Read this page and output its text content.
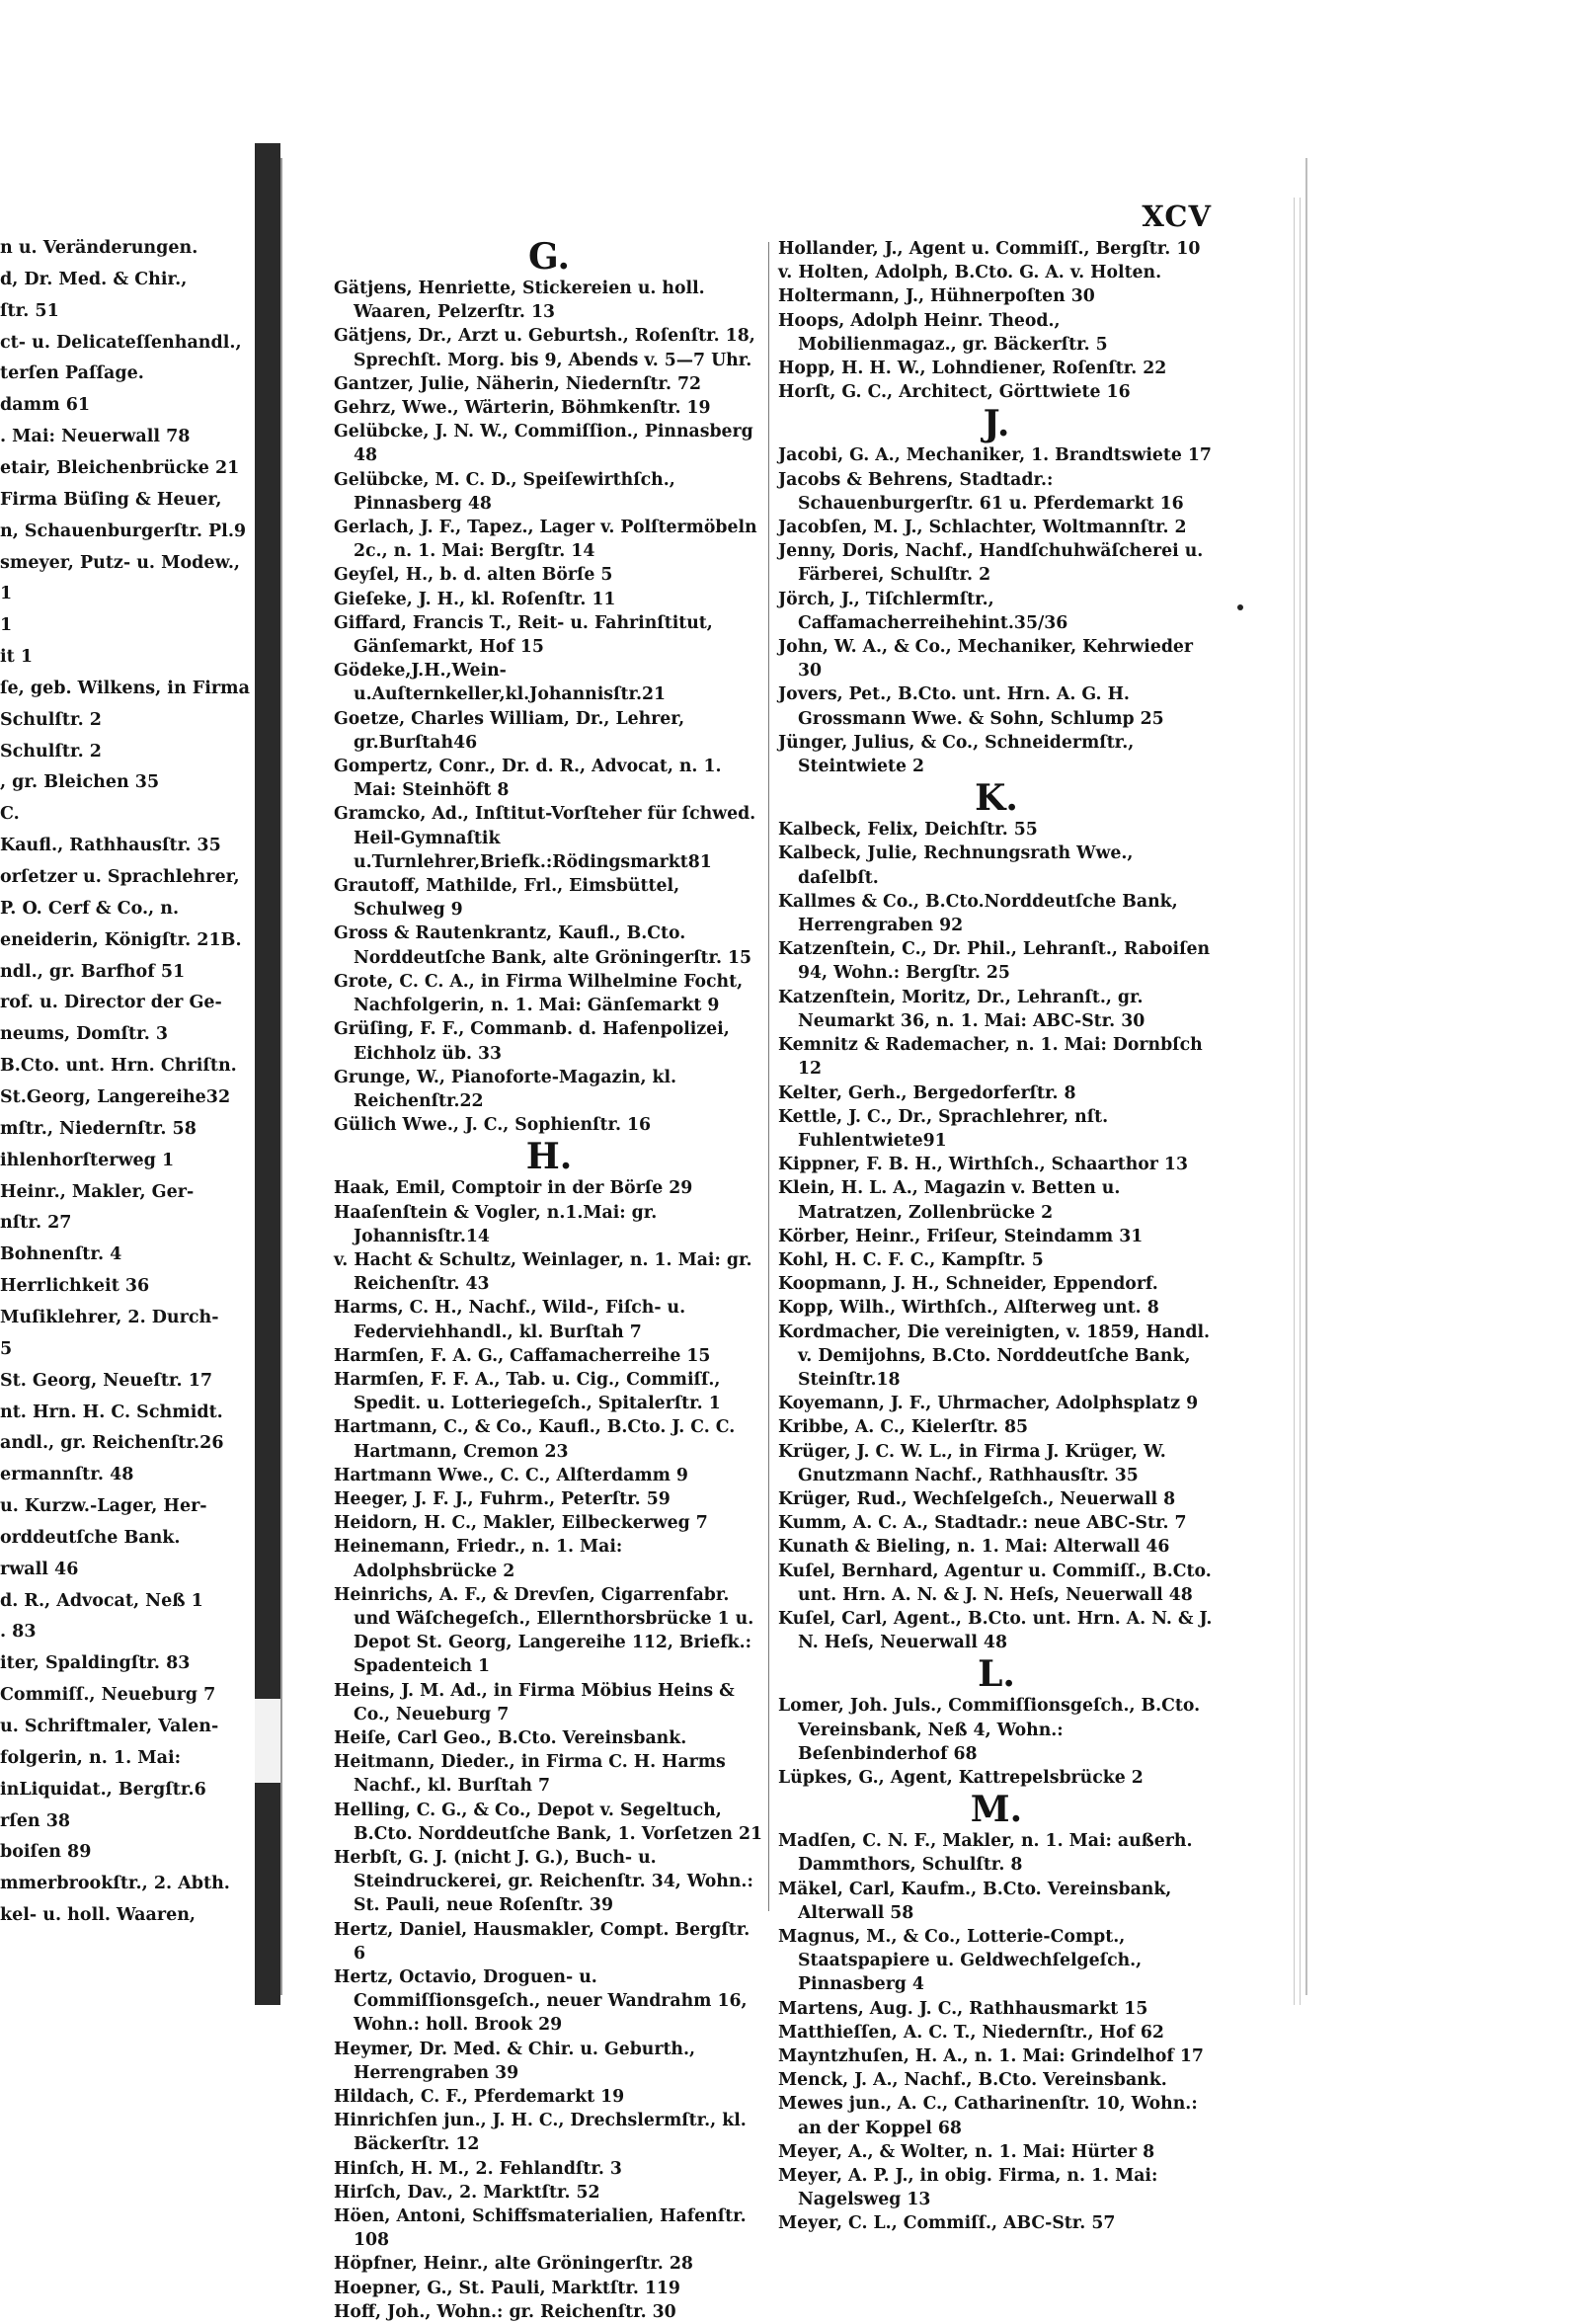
n u. Veränderungen.
d, Dr. Med. & Chir.,
ſtr. 51
ct- u. Delicateſſenhandl.,
terſen Paſſage.
damm 61
. Mai: Neuerwall 78
etair, Bleichenbrücke 21
Firma Büſing & Heuer,
n, Schauenburgerſtr. Pl.9
smeyer, Putz- u. Modew.,
1
1
it 1
ſe, geb. Wilkens, in Firma
Schulſtr. 2
Schulſtr. 2
, gr. Bleichen 35
C.
Kaufl., Rathhausſtr. 35
orſetzer u. Sprachlehrer,
P. O. Cerf & Co., n.
eneiderin, Königſtr. 21B.
ndl., gr. Barfhof 51
rof. u. Director der Ge-
neums, Domſtr. 3
B.Cto. unt. Hrn. Chriſtn.
St.Georg, Langereihe32
mſtr., Niedernſtr. 58
ihlenhorſterweg 1
Heinr., Makler, Ger-
nſtr. 27
Bohnenſtr. 4
Herrlichkeit 36
Muſiklehrer, 2. Durch-
5
St. Georg, Neueſtr. 17
nt. Hrn. H. C. Schmidt.
andl., gr. Reichenſtr.26
ermannſtr. 48
u. Kurzw.-Lager, Her-
orddeutſche Bank.
rwall 46
d. R., Advocat, Neß 1
. 83
iter, Spaldingſtr. 83
Commiſſ., Neueburg 7
u. Schriftmaler, Valen-
folgerin, n. 1. Mai:
inLiquidat., Bergſtr.6
rſen 38
boiſen 89
mmerbrookſtr., 2. Abth.
kel- u. holl. Waaren,
XCV
G.
Gätjens, Henriette, Stickereien u. holl. Waaren, Pelzerſtr. 13
Gätjens, Dr., Arzt u. Geburtsh., Roſenſtr. 18, Sprechſt. Morg. bis 9, Abends v. 5—7 Uhr.
Gantzer, Julie, Näherin, Niedernſtr. 72
Gehrz, Wwe., Wärterin, Böhmkenſtr. 19
Gelübcke, J. N. W., Commiſſion., Pinnasberg 48
Gelübcke, M. C. D., Speiſewirthſch., Pinnasberg 48
Gerlach, J. F., Tapez., Lager v. Polſtermöbeln 2c., n. 1. Mai: Bergſtr. 14
Geyſel, H., b. d. alten Börſe 5
Gieſeke, J. H., kl. Roſenſtr. 11
Giffard, Francis T., Reit- u. Fahrinſtitut, Gänſemarkt, Hof 15
Gödeke,J.H.,Wein-u.Auſternkeller,kl.Johannisſtr.21
Goetze, Charles William, Dr., Lehrer, gr.Burſtah46
Gompertz, Conr., Dr. d. R., Advocat, n. 1. Mai: Steinhöft 8
Gramcko, Ad., Inſtitut-Vorſteher für ſchwed. Heil-Gymnaſtik u.Turnlehrer,Briefk.:Rödingsmarkt81
Grautoff, Mathilde, Frl., Eimsbüttel, Schulweg 9
Gross & Rautenkrantz, Kaufl., B.Cto. Norddeutſche Bank, alte Gröningerſtr. 15
Grote, C. C. A., in Firma Wilhelmine Focht, Nachfolgerin, n. 1. Mai: Gänſemarkt 9
Grüſing, F. F., Commanb. d. Hafenpolizei, Eichholz üb. 33
Grunge, W., Pianoforte-Magazin, kl. Reichenſtr.22
Gülich Wwe., J. C., Sophienſtr. 16
H.
Haak, Emil, Comptoir in der Börſe 29
Haaſenſtein & Vogler, n.1.Mai: gr. Johannisſtr.14
v. Hacht & Schultz, Weinlager, n. 1. Mai: gr. Reichenſtr. 43
Harms, C. H., Nachf., Wild-, Fiſch- u. Federviehhandl., kl. Burſtah 7
Harmſen, F. A. G., Caffamacherreihe 15
Harmſen, F. F. A., Tab. u. Cig., Commiſſ., Spedit. u. Lotteriegeſch., Spitalerſtr. 1
Hartmann, C., & Co., Kaufl., B.Cto. J. C. C. Hartmann, Cremon 23
Hartmann Wwe., C. C., Alſterdamm 9
Heeger, J. F. J., Fuhrm., Peterſtr. 59
Heidorn, H. C., Makler, Eilbeckerweg 7
Heinemann, Friedr., n. 1. Mai: Adolphsbrücke 2
Heinrichs, A. F., & Drevſen, Cigarrenfabr. und Wäſchegeſch., Ellernthorsbrücke 1 u. Depot St. Georg, Langereihe 112, Briefk.: Spadenteich 1
Heins, J. M. Ad., in Firma Möbius Heins & Co., Neueburg 7
Heiſe, Carl Geo., B.Cto. Vereinsbank.
Heitmann, Dieder., in Firma C. H. Harms Nachf., kl. Burſtah 7
Helling, C. G., & Co., Depot v. Segeltuch, B.Cto. Norddeutſche Bank, 1. Vorſetzen 21
Herbſt, G. J. (nicht J. G.), Buch- u. Steindruckerei, gr. Reichenſtr. 34, Wohn.: St. Pauli, neue Roſenſtr. 39
Hertz, Daniel, Hausmakler, Compt. Bergſtr. 6
Hertz, Octavio, Droguen- u. Commiſſionsgeſch., neuer Wandrahm 16, Wohn.: holl. Brook 29
Heymer, Dr. Med. & Chir. u. Geburth., Herrengraben 39
Hildach, C. F., Pferdemarkt 19
Hinrichſen jun., J. H. C., Drechslermſtr., kl. Bäckerſtr. 12
Hinſch, H. M., 2. Fehlandſtr. 3
Hirſch, Dav., 2. Marktſtr. 52
Höen, Antoni, Schiffsmaterialien, Hafenſtr. 108
Höpfner, Heinr., alte Gröningerſtr. 28
Hoepner, G., St. Pauli, Marktſtr. 119
Hoff, Joh., Wohn.: gr. Reichenſtr. 30
Hollander, J., Agent u. Commiſſ., Bergſtr. 10
v. Holten, Adolph, B.Cto. G. A. v. Holten.
Holtermann, J., Hühnerpoſten 30
Hoops, Adolph Heinr. Theod., Mobilienmagaz., gr. Bäckerſtr. 5
Hopp, H. H. W., Lohndiener, Roſenſtr. 22
Horſt, G. C., Architect, Görttwiete 16
J.
Jacobi, G. A., Mechaniker, 1. Brandtswiete 17
Jacobs & Behrens, Stadtadr.: Schauenburgerſtr. 61 u. Pferdemarkt 16
Jacobſen, M. J., Schlachter, Woltmannſtr. 2
Jenny, Doris, Nachf., Handſchuhwäſcherei u. Färberei, Schulſtr. 2
Jörch, J., Tiſchlermſtr., Caffamacherreihehint.35/36
John, W. A., & Co., Mechaniker, Kehrwieder 30
Jovers, Pet., B.Cto. unt. Hrn. A. G. H. Grossmann Wwe. & Sohn, Schlump 25
Jünger, Julius, & Co., Schneidermſtr., Steintwiete 2
K.
Kalbeck, Felix, Deichſtr. 55
Kalbeck, Julie, Rechnungsrath Wwe., daſelbſt.
Kallmes & Co., B.Cto.Norddeutſche Bank, Herrengraben 92
Katzenſtein, C., Dr. Phil., Lehranſt., Raboiſen 94, Wohn.: Bergſtr. 25
Katzenſtein, Moritz, Dr., Lehranſt., gr. Neumarkt 36, n. 1. Mai: ABC-Str. 30
Kemnitz & Rademacher, n. 1. Mai: Dornbſch 12
Kelter, Gerh., Bergedorferſtr. 8
Kettle, J. C., Dr., Sprachlehrer, nſt. Fuhlentwiete91
Kippner, F. B. H., Wirthſch., Schaarthor 13
Klein, H. L. A., Magazin v. Betten u. Matratzen, Zollenbrücke 2
Körber, Heinr., Friſeur, Steindamm 31
Kohl, H. C. F. C., Kampſtr. 5
Koopmann, J. H., Schneider, Eppendorf.
Kopp, Wilh., Wirthſch., Alſterweg unt. 8
Kordmacher, Die vereinigten, v. 1859, Handl. v. Demijohns, B.Cto. Norddeutſche Bank, Steinſtr.18
Koyemann, J. F., Uhrmacher, Adolphsplatz 9
Kribbe, A. C., Kielerſtr. 85
Krüger, J. C. W. L., in Firma J. Krüger, W. Gnutzmann Nachf., Rathhausſtr. 35
Krüger, Rud., Wechſelgeſch., Neuerwall 8
Kumm, A. C. A., Stadtadr.: neue ABC-Str. 7
Kunath & Bieling, n. 1. Mai: Alterwall 46
Kuſel, Bernhard, Agentur u. Commiſſ., B.Cto. unt. Hrn. A. N. & J. N. Heſs, Neuerwall 48
Kuſel, Carl, Agent., B.Cto. unt. Hrn. A. N. & J. N. Heſs, Neuerwall 48
L.
Lomer, Joh. Juls., Commiſſionsgeſch., B.Cto. Vereinsbank, Neß 4, Wohn.: Beſenbinderhof 68
Lüpkes, G., Agent, Kattrepelsbrücke 2
M.
Madſen, C. N. F., Makler, n. 1. Mai: außerh. Dammthors, Schulſtr. 8
Mäkel, Carl, Kaufm., B.Cto. Vereinsbank, Alterwall 58
Magnus, M., & Co., Lotterie-Compt., Staatspapiere u. Geldwechſelgeſch., Pinnasberg 4
Martens, Aug. J. C., Rathhausmarkt 15
Matthieſſen, A. C. T., Niedernſtr., Hof 62
Mayntzhuſen, H. A., n. 1. Mai: Grindelhof 17
Menck, J. A., Nachf., B.Cto. Vereinsbank.
Mewes jun., A. C., Catharinenſtr. 10, Wohn.: an der Koppel 68
Meyer, A., & Wolter, n. 1. Mai: Hürter 8
Meyer, A. P. J., in obig. Firma, n. 1. Mai: Nagelsweg 13
Meyer, C. L., Commiſſ., ABC-Str. 57
